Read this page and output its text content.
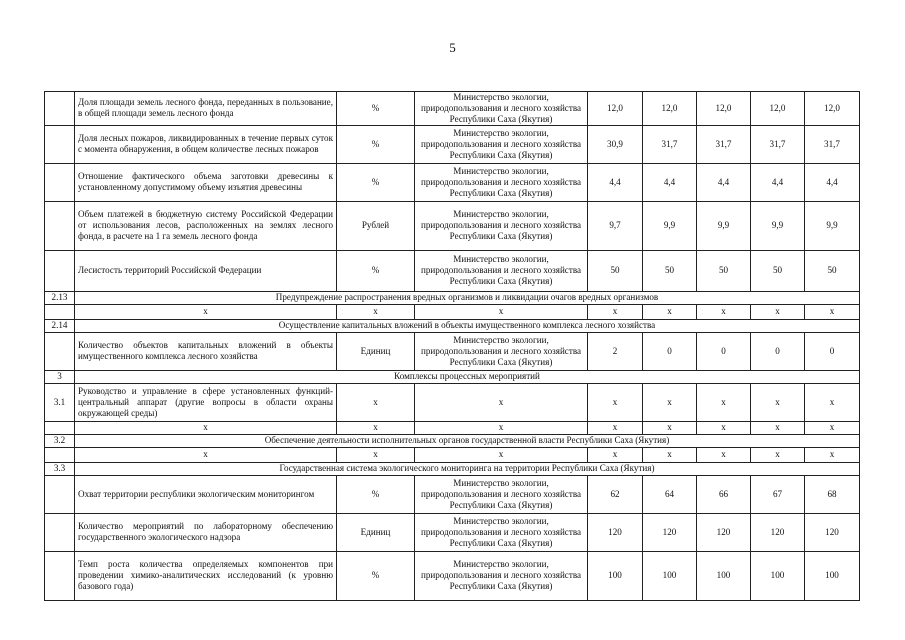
5
	Доля площади земель лесного фонда, переданных в пользование, в общей площади земель лесного фонда	%	Министерство экологии, природопользования и лесного хозяйства Республики Саха (Якутия)	12,0	12,0	12,0	12,0	12,0
	Доля лесных пожаров, ликвидированных в течение первых суток с момента обнаружения, в общем количестве лесных пожаров	%	Министерство экологии, природопользования и лесного хозяйства Республики Саха (Якутия)	30,9	31,7	31,7	31,7	31,7
	Отношение фактического объема заготовки древесины к установленному допустимому объему изъятия древесины	%	Министерство экологии, природопользования и лесного хозяйства Республики Саха (Якутия)	4,4	4,4	4,4	4,4	4,4
	Объем платежей в бюджетную систему Российской Федерации от использования лесов, расположенных на землях лесного фонда, в расчете на 1 га земель лесного фонда	Рублей	Министерство экологии, природопользования и лесного хозяйства Республики Саха (Якутия)	9,7	9,9	9,9	9,9	9,9
	Лесистость территорий Российской Федерации	%	Министерство экологии, природопользования и лесного хозяйства Республики Саха (Якутия)	50	50	50	50	50
2.13	Предупреждение распространения вредных организмов и ликвидации очагов вредных организмов							
	х	х	х	х	х	х	х	х
2.14	Осуществление капитальных вложений в объекты имущественного комплекса лесного хозяйства							
	Количество объектов капитальных вложений в объекты имущественного комплекса лесного хозяйства	Единиц	Министерство экологии, природопользования и лесного хозяйства Республики Саха (Якутия)	2	0	0	0	0
3	Комплексы процессных мероприятий							
3.1	Руководство и управление в сфере установленных функций-центральный аппарат (другие вопросы в области охраны окружающей среды)	х	х	х	х	х	х	х
	х	х	х	х	х	х	х	х
3.2	Обеспечение деятельности исполнительных органов государственной власти Республики Саха (Якутия)							
	х	х	х	х	х	х	х	х
3.3	Государственная система экологического мониторинга на территории Республики Саха (Якутия)							
	Охват территории республики экологическим мониторингом	%	Министерство экологии, природопользования и лесного хозяйства Республики Саха (Якутия)	62	64	66	67	68
	Количество мероприятий по лабораторному обеспечению государственного экологического надзора	Единиц	Министерство экологии, природопользования и лесного хозяйства Республики Саха (Якутия)	120	120	120	120	120
	Темп роста количества определяемых компонентов при проведении химико-аналитических исследований (к уровню базового года)	%	Министерство экологии, природопользования и лесного хозяйства Республики Саха (Якутия)	100	100	100	100	100
